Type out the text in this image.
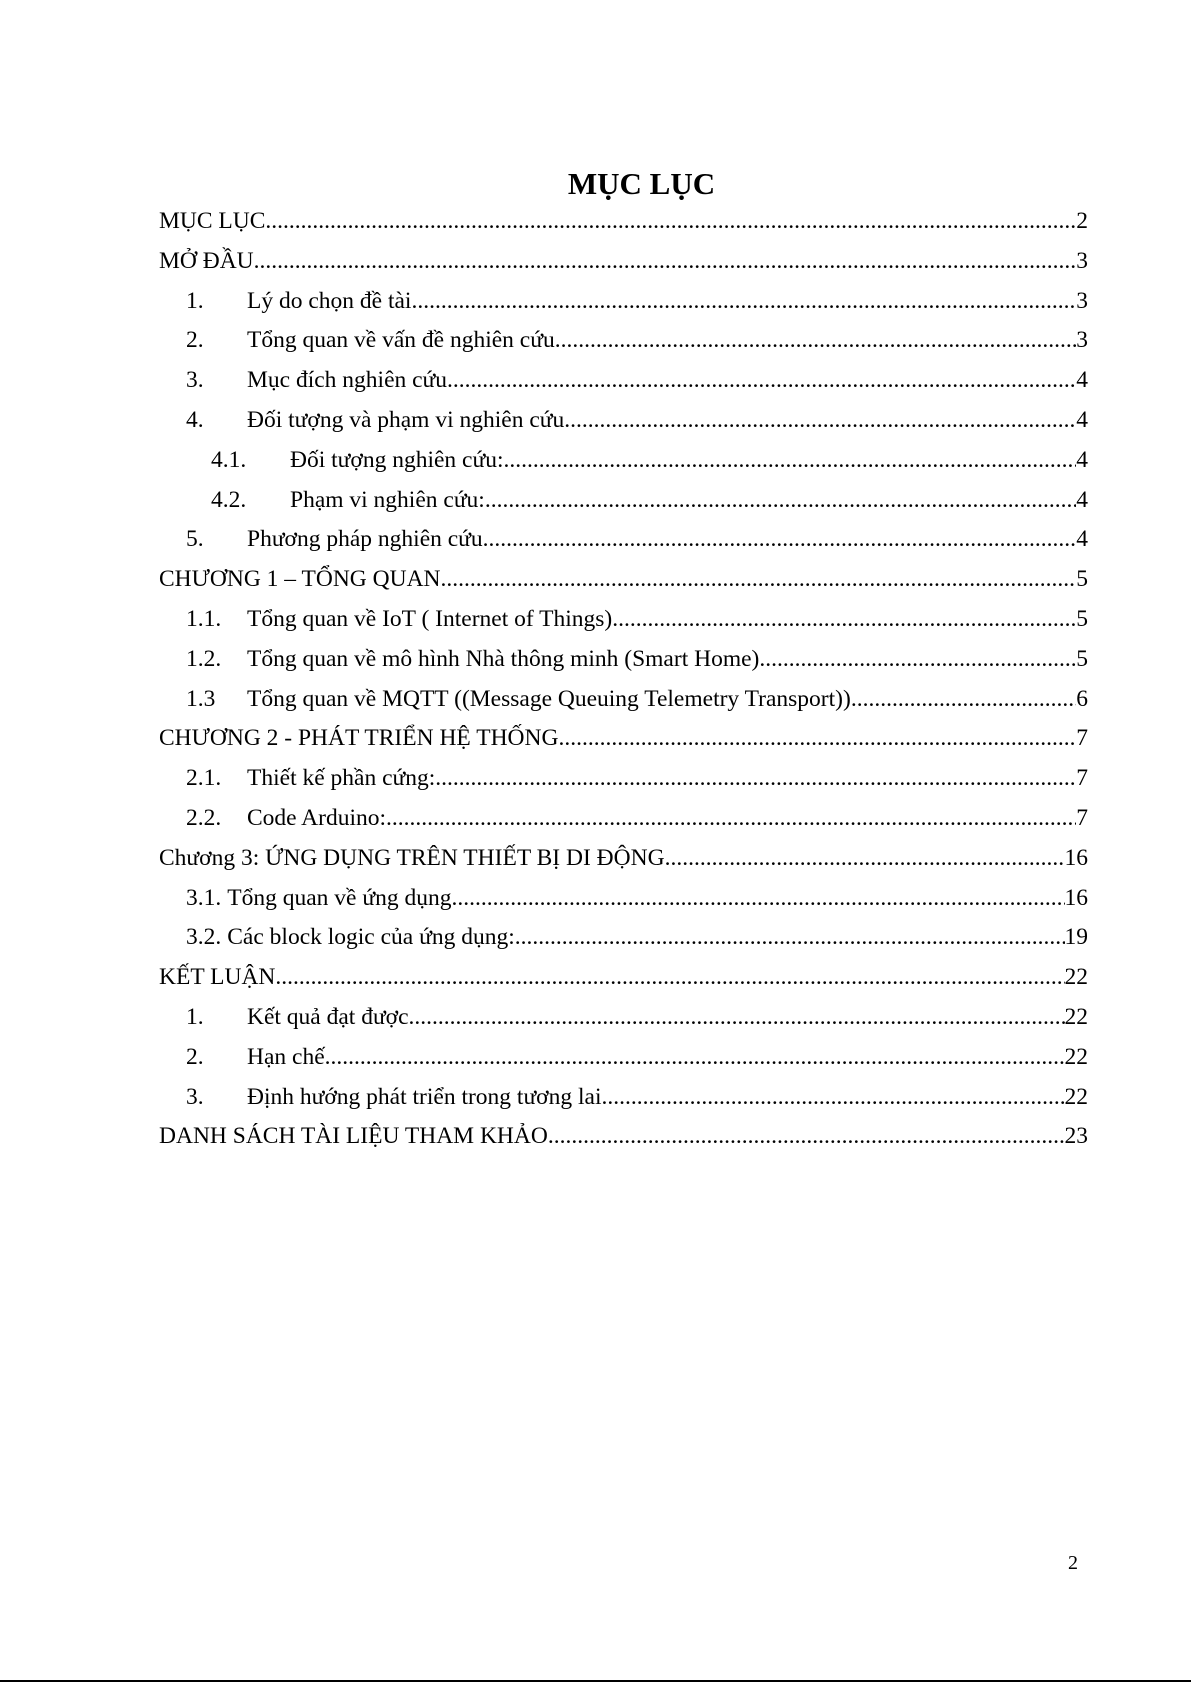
MỤC LỤC
MỤC LỤC .....	2
MỞ ĐẦU .....	3
1.	Lý do chọn đề tài .....	3
2.	Tổng quan về vấn đề nghiên cứu .....	3
3.	Mục đích nghiên cứu .....	4
4.	Đối tượng và phạm vi nghiên cứu .....	4
4.1.	Đối tượng nghiên cứu: .....	4
4.2.	Phạm vi nghiên cứu: .....	4
5.	Phương pháp nghiên cứu .....	4
CHƯƠNG 1 – TỔNG QUAN .....	5
1.1.	Tổng quan về IoT ( Internet of Things) .....	5
1.2.	Tổng quan về mô hình Nhà thông minh (Smart Home) .....	5
1.3	Tổng quan về MQTT ((Message Queuing Telemetry Transport)) .....	6
CHƯƠNG 2 - PHÁT TRIỂN HỆ THỐNG .....	7
2.1.	Thiết kế phần cứng: .....	7
2.2.	Code Arduino: .....	7
Chương 3: ỨNG DỤNG TRÊN THIẾT BỊ DI ĐỘNG .....	16
3.1. Tổng quan về ứng dụng .....	16
3.2. Các block logic của ứng dụng: .....	19
KẾT LUẬN .....	22
1.	Kết quả đạt được .....	22
2.	Hạn chế .....	22
3.	Định hướng phát triển trong tương lai .....	22
DANH SÁCH TÀI LIỆU THAM KHẢO .....	23
2
